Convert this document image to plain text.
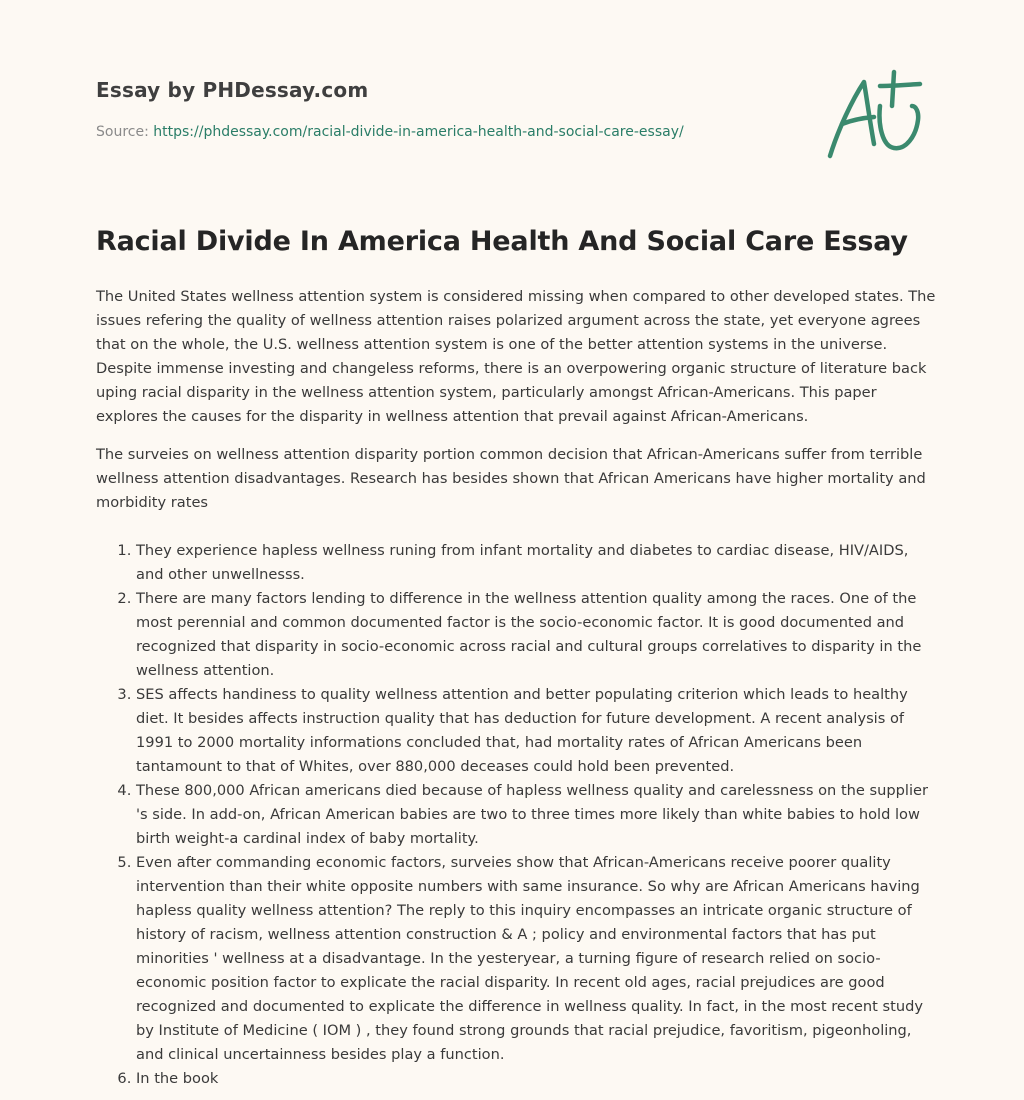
Essay by PHDessay.com
Source: https://phdessay.com/racial-divide-in-america-health-and-social-care-essay/
Racial Divide In America Health And Social Care Essay

The United States wellness attention system is considered missing when compared to other developed states. The issues refering the quality of wellness attention raises polarized argument across the state, yet everyone agrees that on the whole, the U.S. wellness attention system is one of the better attention systems in the universe. Despite immense investing and changeless reforms, there is an overpowering organic structure of literature back uping racial disparity in the wellness attention system, particularly amongst African-Americans. This paper explores the causes for the disparity in wellness attention that prevail against African-Americans.

The surveies on wellness attention disparity portion common decision that African-Americans suffer from terrible wellness attention disadvantages. Research has besides shown that African Americans have higher mortality and morbidity rates

1. They experience hapless wellness runing from infant mortality and diabetes to cardiac disease, HIV/AIDS, and other unwellnesss.
2. There are many factors lending to difference in the wellness attention quality among the races. One of the most perennial and common documented factor is the socio-economic factor. It is good documented and recognized that disparity in socio-economic across racial and cultural groups correlatives to disparity in the wellness attention.
3. SES affects handiness to quality wellness attention and better populating criterion which leads to healthy diet. It besides affects instruction quality that has deduction for future development. A recent analysis of 1991 to 2000 mortality informations concluded that, had mortality rates of African Americans been tantamount to that of Whites, over 880,000 deceases could hold been prevented.
4. These 800,000 African americans died because of hapless wellness quality and carelessness on the supplier 's side. In add-on, African American babies are two to three times more likely than white babies to hold low birth weight-a cardinal index of baby mortality.
5. Even after commanding economic factors, surveies show that African-Americans receive poorer quality intervention than their white opposite numbers with same insurance. So why are African Americans having hapless quality wellness attention? The reply to this inquiry encompasses an intricate organic structure of history of racism, wellness attention construction & A ; policy and environmental factors that has put minorities ' wellness at a disadvantage. In the yesteryear, a turning figure of research relied on socio-economic position factor to explicate the racial disparity. In recent old ages, racial prejudices are good recognized and documented to explicate the difference in wellness quality. In fact, in the most recent study by Institute of Medicine ( IOM ) , they found strong grounds that racial prejudice, favoritism, pigeonholing, and clinical uncertainness besides play a function.
6. In the book
